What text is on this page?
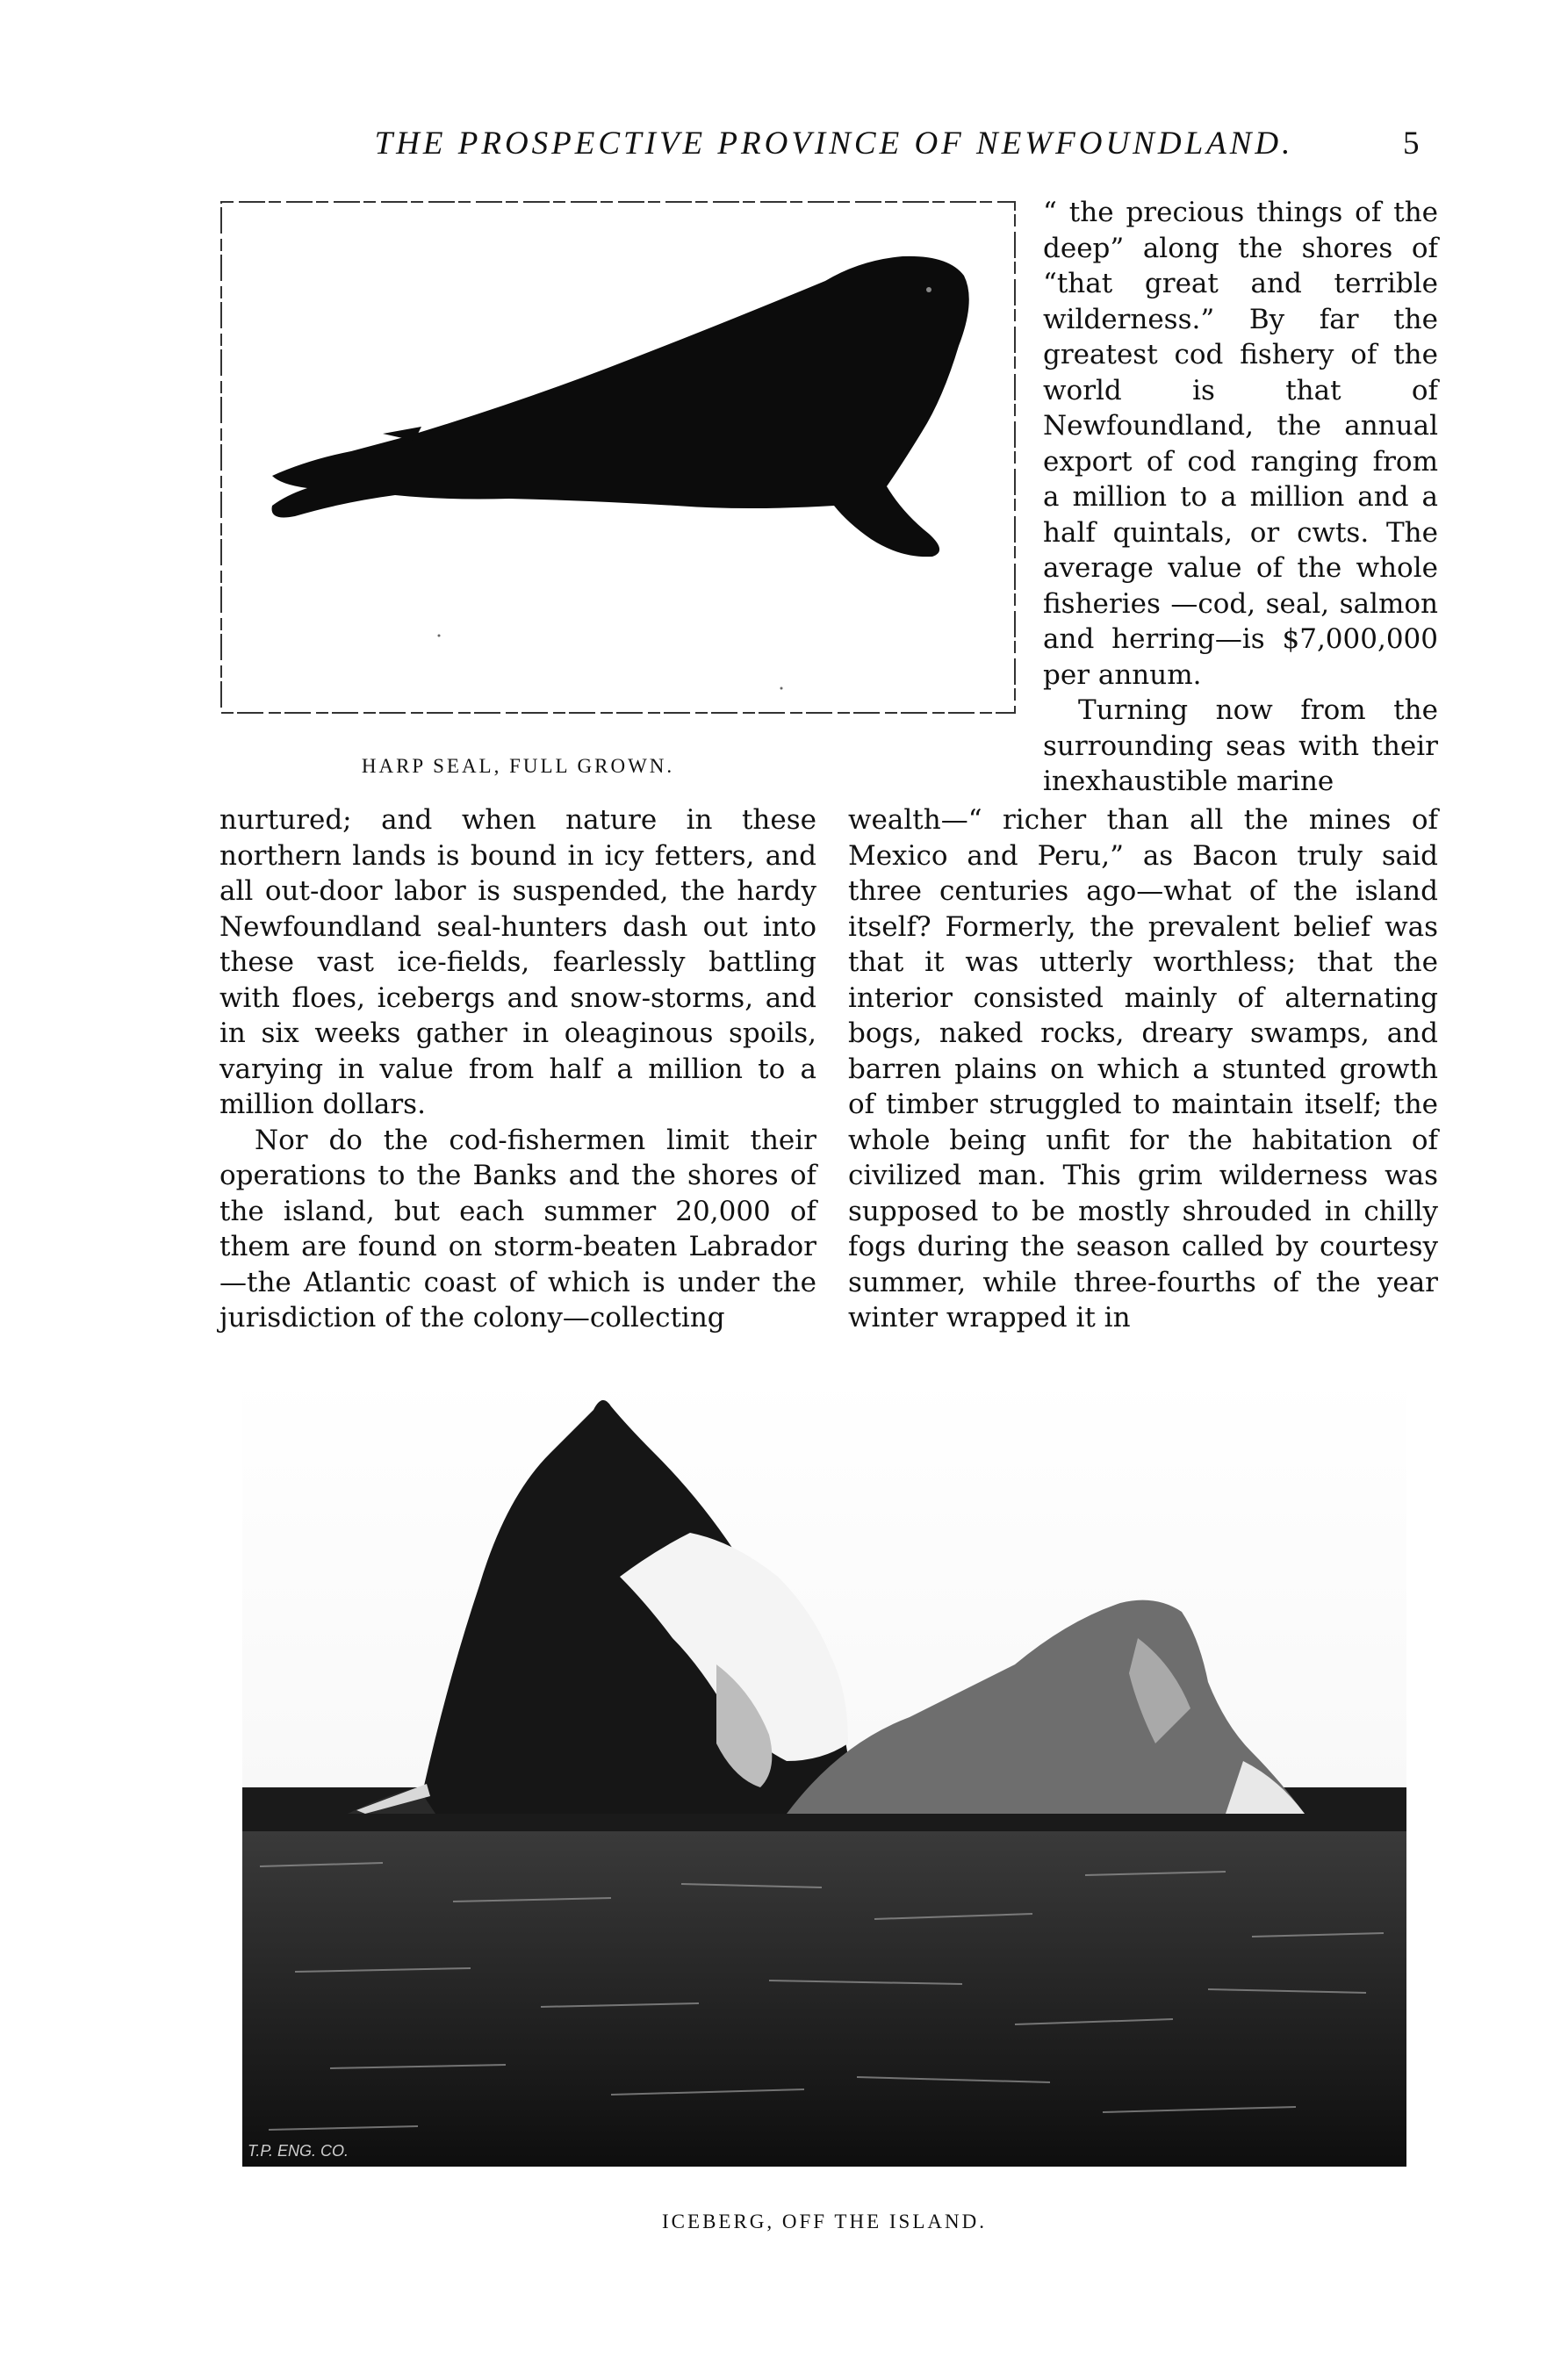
THE PROSPECTIVE PROVINCE OF NEWFOUNDLAND.	5
HARP SEAL, FULL GROWN.

“ the precious things of the deep” along the shores of “that great and terrible wilderness.” By far the greatest cod fishery of the world is that of Newfoundland, the annual export of cod ranging from a million to a million and a half quintals, or cwts. The average value of the whole fisheries —cod, seal, salmon and herring—is $7,000,000 per annum.

Turning now from the surrounding seas with their inexhaustible marine

nurtured; and when nature in these northern lands is bound in icy fetters, and all out-door labor is suspended, the hardy Newfoundland seal-hunters dash out into these vast ice-fields, fearlessly battling with floes, icebergs and snow-storms, and in six weeks gather in oleaginous spoils, varying in value from half a million to a million dollars.

Nor do the cod-fishermen limit their operations to the Banks and the shores of the island, but each summer 20,000 of them are found on storm-beaten Labrador—the Atlantic coast of which is under the jurisdiction of the colony—collecting

wealth—“ richer than all the mines of Mexico and Peru,” as Bacon truly said three centuries ago—what of the island itself? Formerly, the prevalent belief was that it was utterly worthless; that the interior consisted mainly of alternating bogs, naked rocks, dreary swamps, and barren plains on which a stunted growth of timber struggled to maintain itself; the whole being unfit for the habitation of civilized man. This grim wilderness was supposed to be mostly shrouded in chilly fogs during the season called by courtesy summer, while three-fourths of the year winter wrapped it in

T.P. ENG. CO.
ICEBERG, OFF THE ISLAND.
